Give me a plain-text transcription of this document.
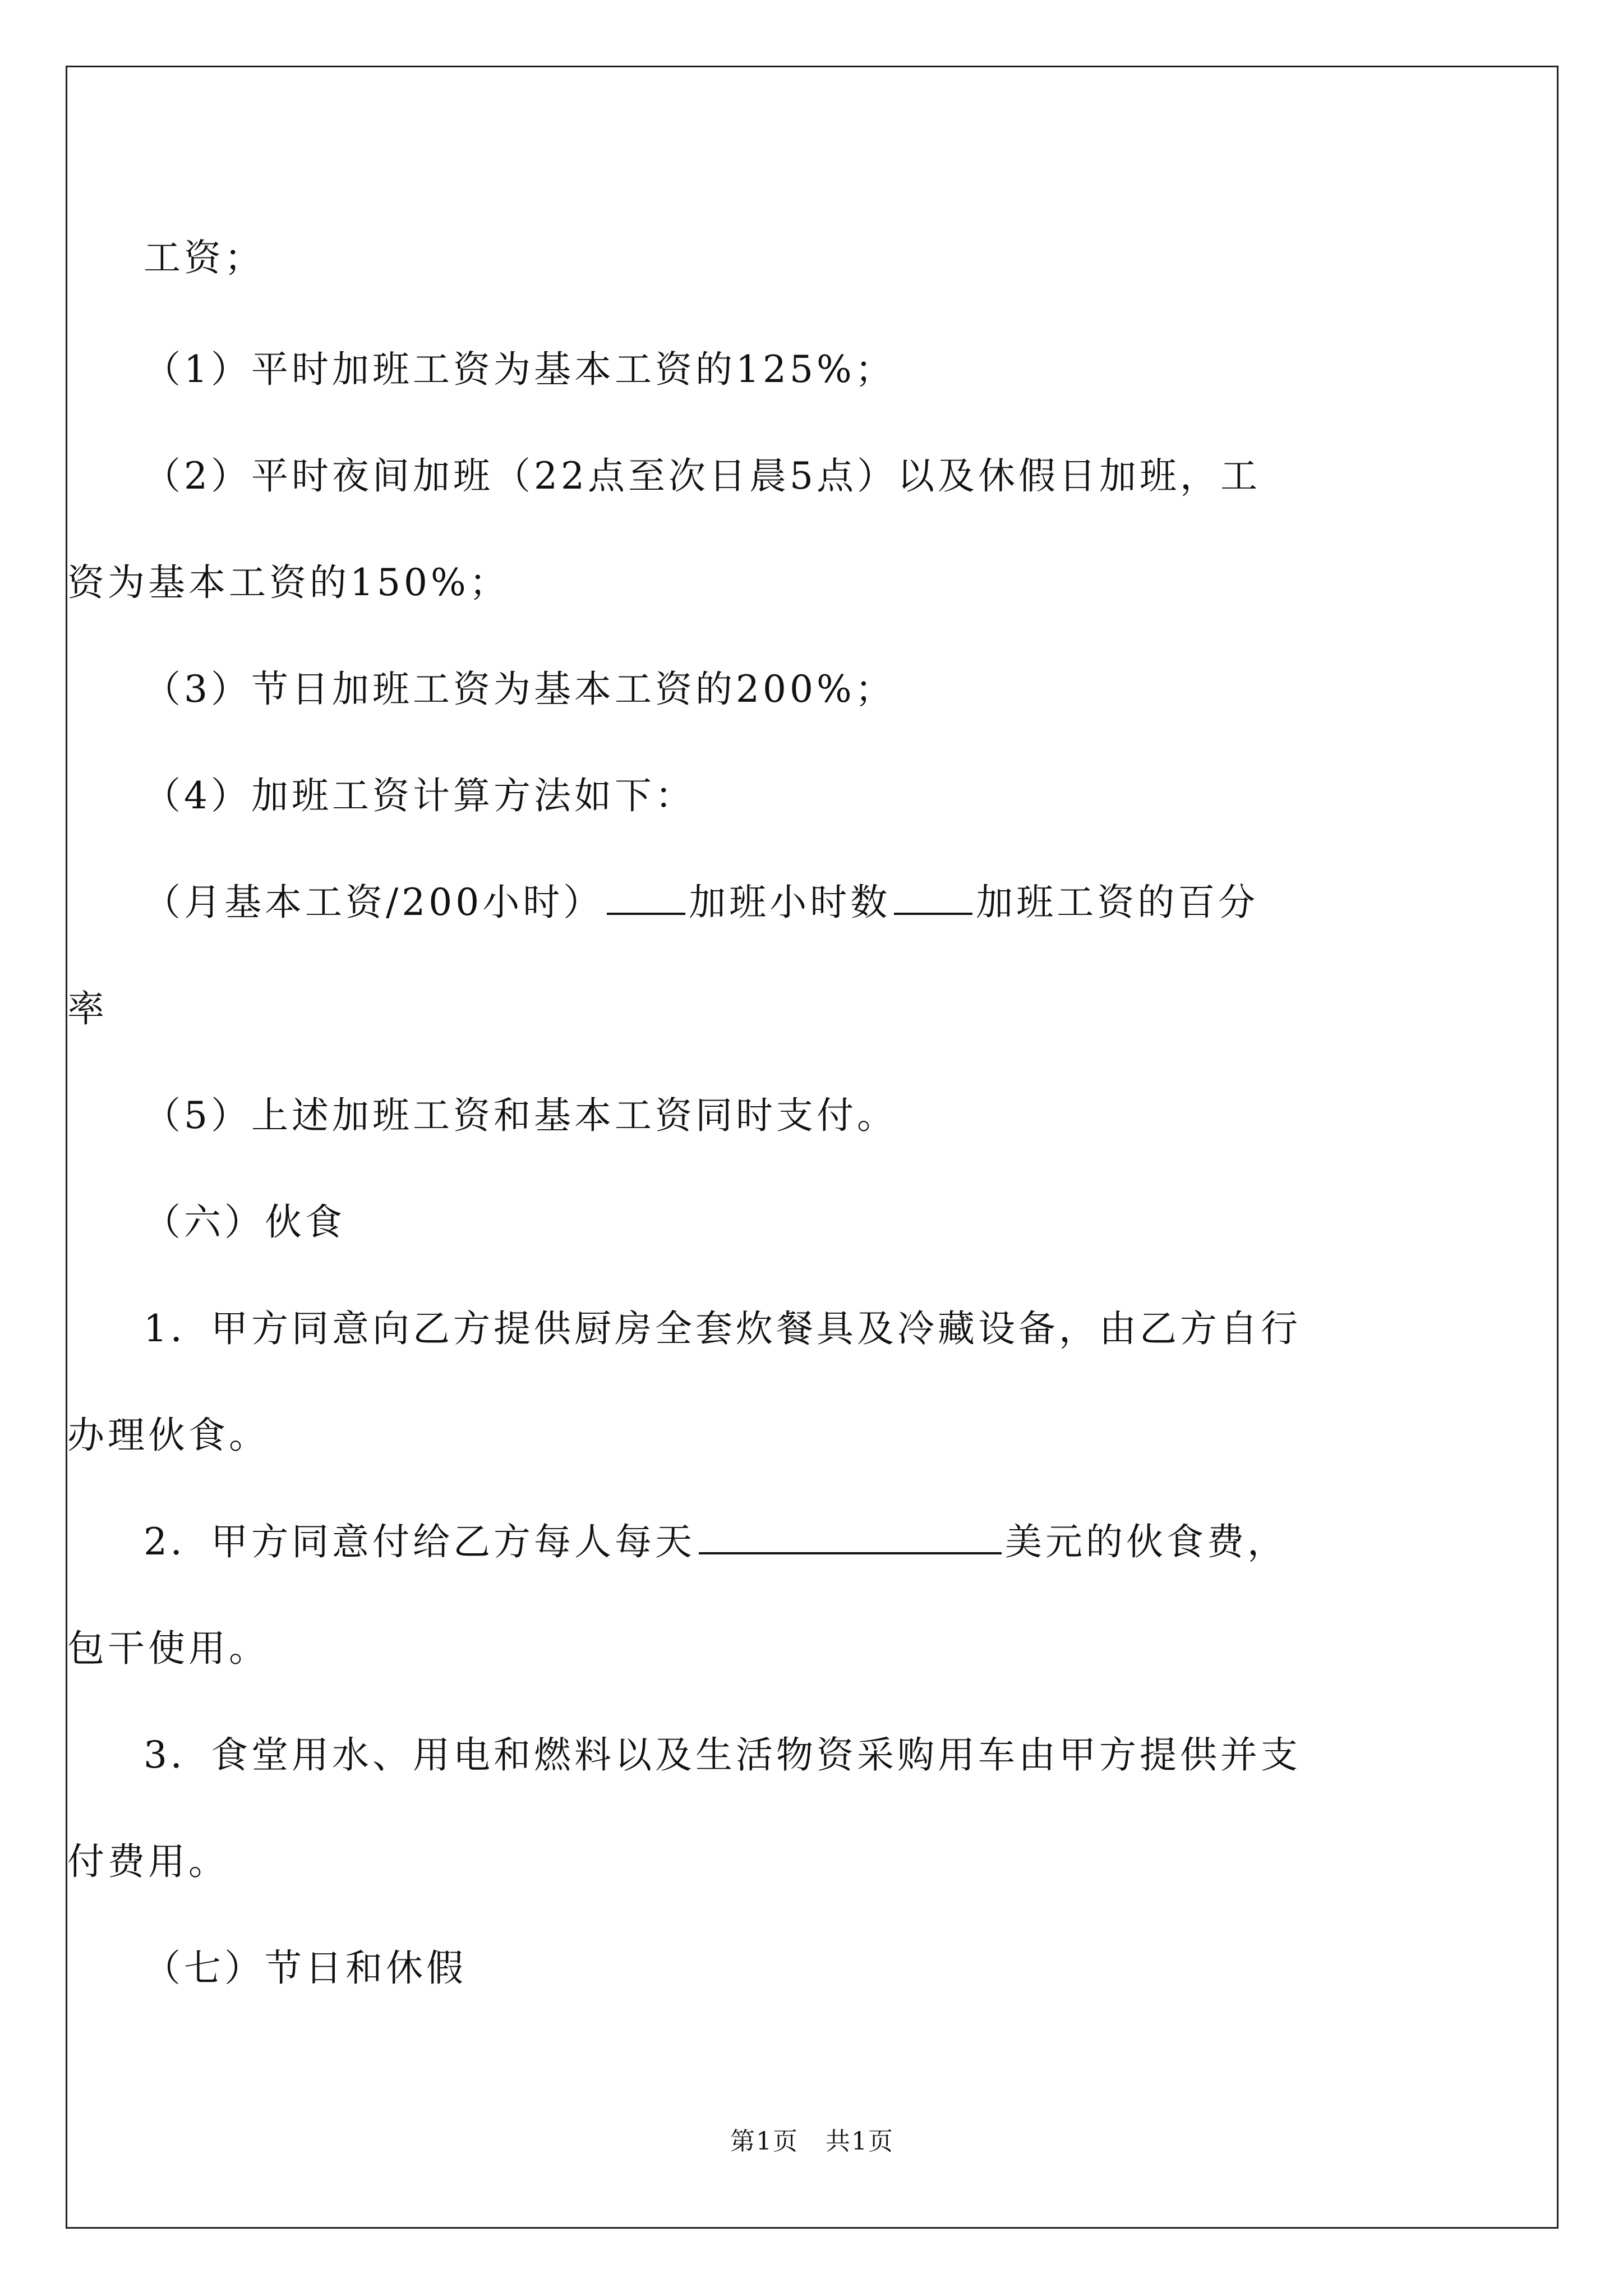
工资；
（1）平时加班工资为基本工资的125%；
（2）平时夜间加班（22点至次日晨5点）以及休假日加班，工
资为基本工资的150%；
（3）节日加班工资为基本工资的200%；
（4）加班工资计算方法如下：
（月基本工资/200小时） 加班小时数 加班工资的百分
率
（5）上述加班工资和基本工资同时支付。
（六）伙食
1．甲方同意向乙方提供厨房全套炊餐具及冷藏设备，由乙方自行
办理伙食。
2．甲方同意付给乙方每人每天	美元的伙食费，
包干使用。
3．食堂用水、用电和燃料以及生活物资采购用车由甲方提供并支
付费用。
（七）节日和休假
第1页   共1页
